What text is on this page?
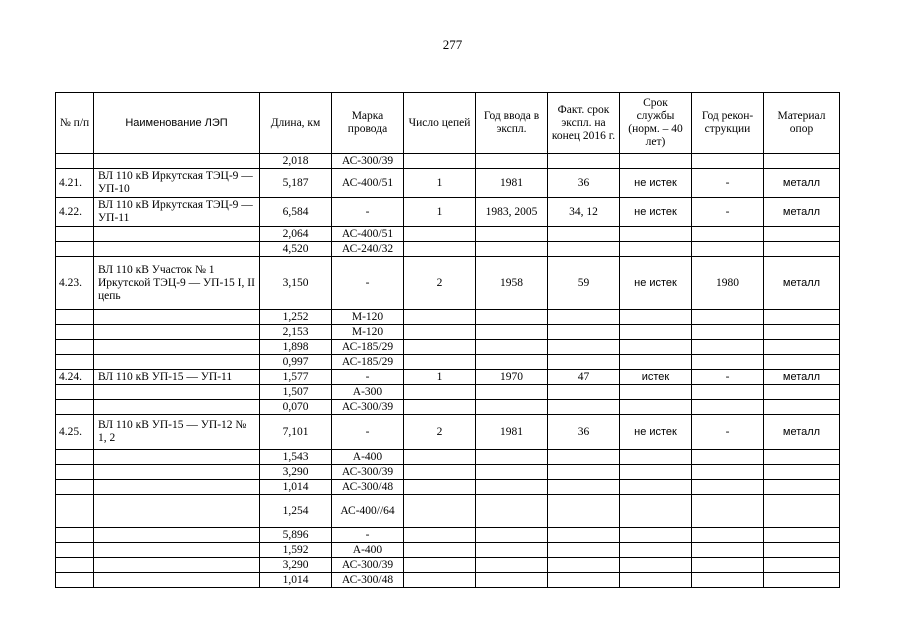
277
№ п/п	Наименование ЛЭП	Длина, км	Марка провода	Число цепей	Год ввода в экспл.	Факт. срок экспл. на конец 2016 г.	Срок службы (норм. – 40 лет)	Год рекон-струкции	Материал опор
		2,018	АС-300/39						
4.21.	ВЛ 110 кВ Иркутская ТЭЦ-9 — УП-10	5,187	АС-400/51	1	1981	36	не истек	-	металл
4.22.	ВЛ 110 кВ Иркутская ТЭЦ-9 — УП-11	6,584	-	1	1983, 2005	34, 12	не истек	-	металл
		2,064	АС-400/51						
		4,520	АС-240/32						
4.23.	ВЛ 110 кВ Участок № 1 Иркутской ТЭЦ-9 — УП-15 I, II цепь	3,150	-	2	1958	59	не истек	1980	металл
		1,252	М-120						
		2,153	М-120						
		1,898	АС-185/29						
		0,997	АС-185/29						
4.24.	ВЛ 110 кВ УП-15 — УП-11	1,577	-	1	1970	47	истек	-	металл
		1,507	А-300						
		0,070	АС-300/39						
4.25.	ВЛ 110 кВ УП-15 — УП-12 № 1, 2	7,101	-	2	1981	36	не истек	-	металл
		1,543	А-400						
		3,290	АС-300/39						
		1,014	АС-300/48						
		1,254	АС-400//64						
		5,896	-						
		1,592	А-400						
		3,290	АС-300/39						
		1,014	АС-300/48						
